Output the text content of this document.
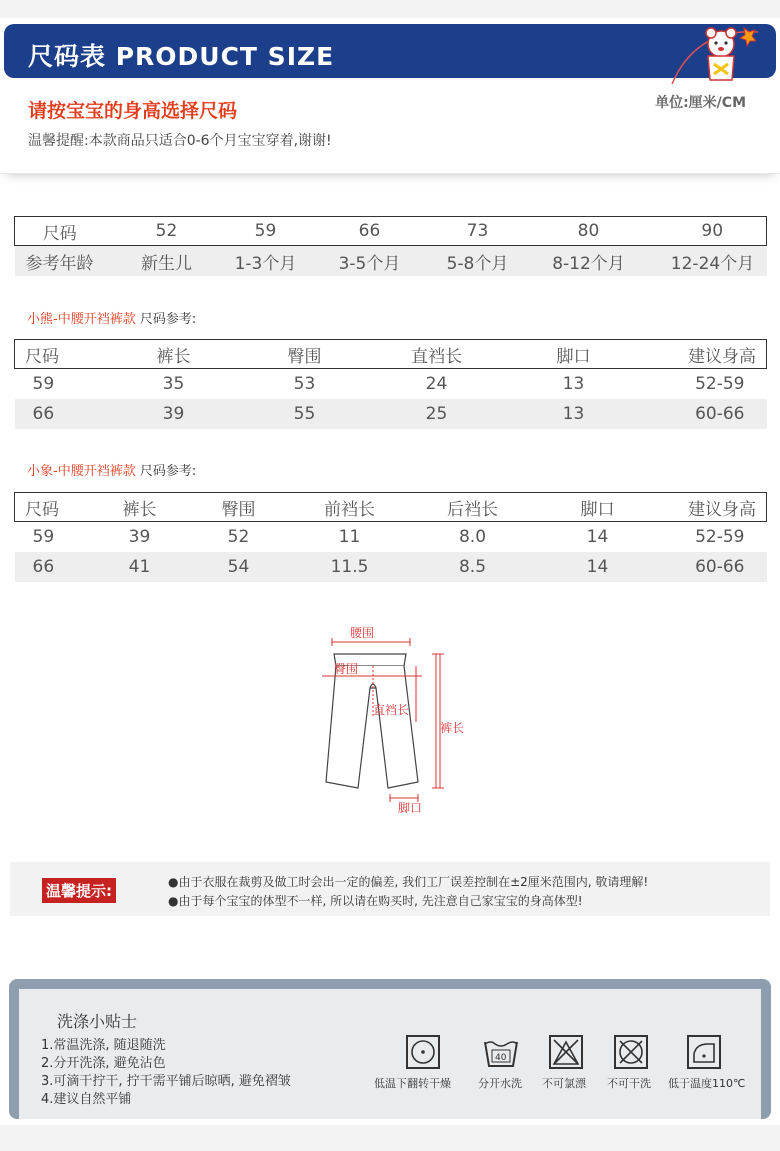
尺码表 PRODUCT SIZE
请按宝宝的身高选择尺码	单位:厘米/CM
温馨提醒:本款商品只适合0-6个月宝宝穿着,谢谢!
尺码	52	59	66	73	80	90
参考年龄	新生儿	1-3个月	3-5个月	5-8个月	8-12个月	12-24个月
小熊-中腰开裆裤款 尺码参考:
尺码	裤长	臀围	直裆长	脚口	建议身高
59	35	53	24	13	52-59
66	39	55	25	13	60-66
小象-中腰开裆裤款 尺码参考:
尺码	裤长	臀围	前裆长	后裆长	脚口	建议身高
59	39	52	11	8.0	14	52-59
66	41	54	11.5	8.5	14	60-66
腰围
臀围
直裆长
裤长
脚口
温馨提示:	●由于衣服在裁剪及做工时会出一定的偏差, 我们工厂误差控制在±2厘米范围内, 敬请理解!
●由于每个宝宝的体型不一样, 所以请在购买时, 先注意自己家宝宝的身高体型!
洗涤小贴士
1.常温洗涤, 随退随洗
2.分开洗涤, 避免沾色
3.可滴干拧干, 拧干需平铺后晾晒, 避免褶皱
4.建议自然平铺
低温下翻转干燥
40
分开水洗 不可氯漂 不可干洗 低于温度110℃
